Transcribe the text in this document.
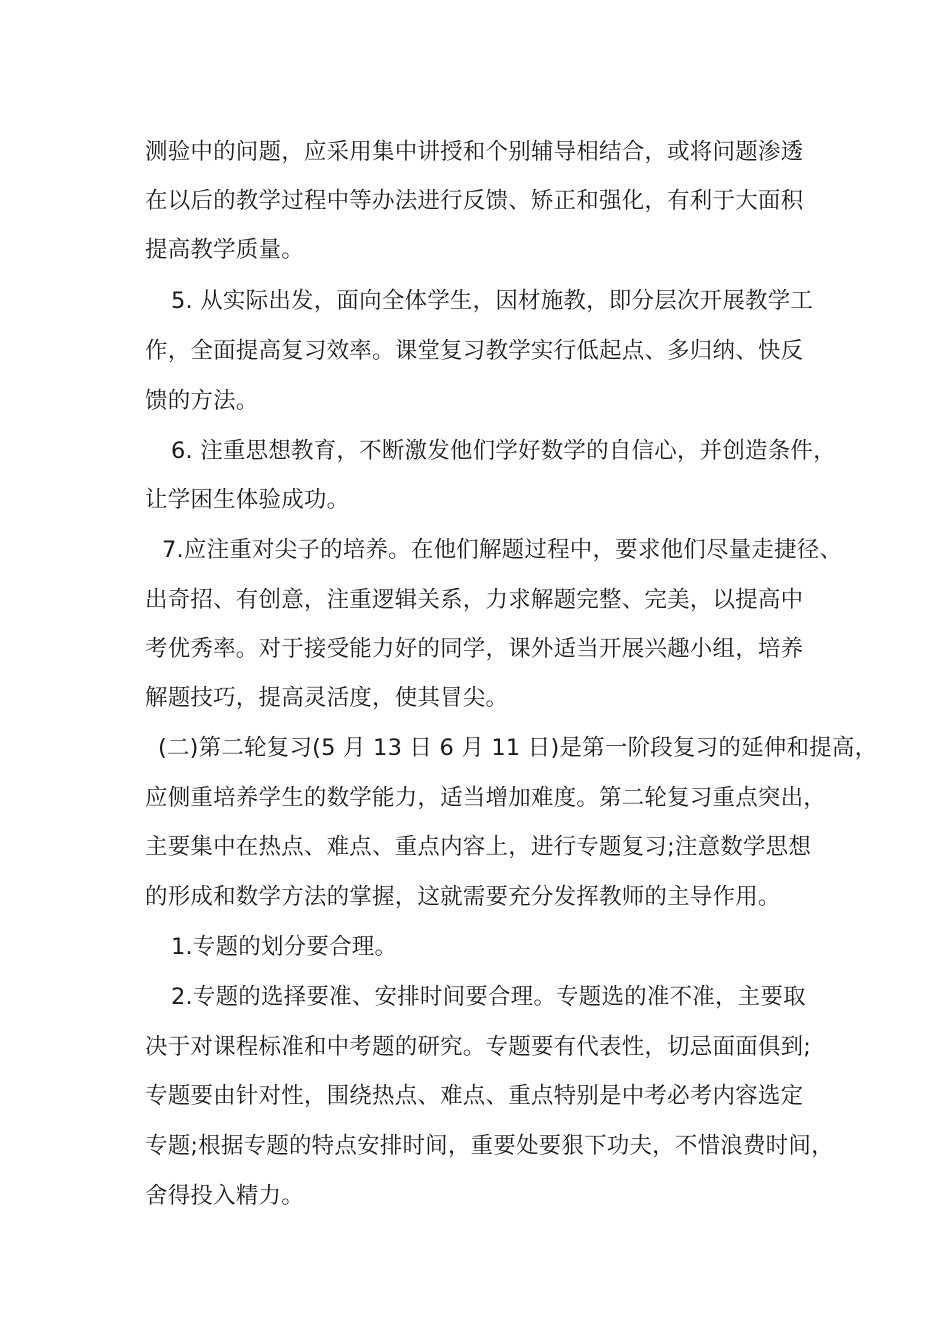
测验中的问题，应采用集中讲授和个别辅导相结合，或将问题渗透
在以后的教学过程中等办法进行反馈、矫正和强化，有利于大面积
提高教学质量。
5. 从实际出发，面向全体学生，因材施教，即分层次开展教学工
作，全面提高复习效率。课堂复习教学实行低起点、多归纳、快反
馈的方法。
6. 注重思想教育，不断激发他们学好数学的自信心，并创造条件，
让学困生体验成功。
7.应注重对尖子的培养。在他们解题过程中，要求他们尽量走捷径、
出奇招、有创意，注重逻辑关系，力求解题完整、完美，以提高中
考优秀率。对于接受能力好的同学，课外适当开展兴趣小组，培养
解题技巧，提高灵活度，使其冒尖。
(二)第二轮复习(5 月 13 日 6 月 11 日)是第一阶段复习的延伸和提高，
应侧重培养学生的数学能力，适当增加难度。第二轮复习重点突出，
主要集中在热点、难点、重点内容上，进行专题复习;注意数学思想
的形成和数学方法的掌握，这就需要充分发挥教师的主导作用。
1.专题的划分要合理。
2.专题的选择要准、安排时间要合理。专题选的准不准，主要取
决于对课程标准和中考题的研究。专题要有代表性，切忌面面俱到;
专题要由针对性，围绕热点、难点、重点特别是中考必考内容选定
专题;根据专题的特点安排时间，重要处要狠下功夫，不惜浪费时间，
舍得投入精力。
